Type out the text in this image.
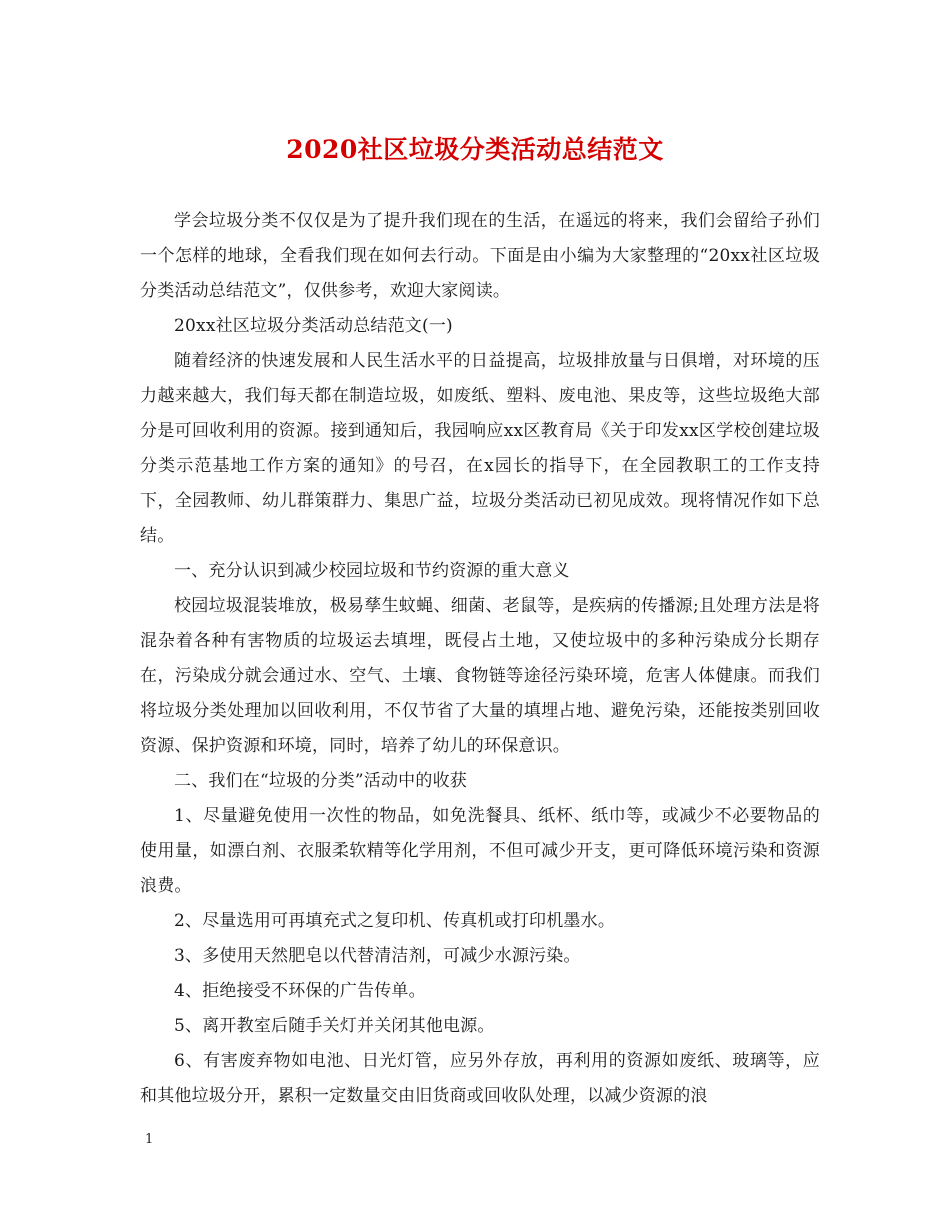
2020社区垃圾分类活动总结范文

学会垃圾分类不仅仅是为了提升我们现在的生活，在遥远的将来，我们会留给子孙们一个怎样的地球，全看我们现在如何去行动。下面是由小编为大家整理的“20xx社区垃圾分类活动总结范文”，仅供参考，欢迎大家阅读。

20xx社区垃圾分类活动总结范文(一)

随着经济的快速发展和人民生活水平的日益提高，垃圾排放量与日俱增，对环境的压力越来越大，我们每天都在制造垃圾，如废纸、塑料、废电池、果皮等，这些垃圾绝大部分是可回收利用的资源。接到通知后，我园响应xx区教育局《关于印发xx区学校创建垃圾分类示范基地工作方案的通知》的号召，在x园长的指导下，在全园教职工的工作支持下，全园教师、幼儿群策群力、集思广益，垃圾分类活动已初见成效。现将情况作如下总结。

一、充分认识到减少校园垃圾和节约资源的重大意义

校园垃圾混装堆放，极易孳生蚊蝇、细菌、老鼠等，是疾病的传播源;且处理方法是将混杂着各种有害物质的垃圾运去填埋，既侵占土地，又使垃圾中的多种污染成分长期存在，污染成分就会通过水、空气、土壤、食物链等途径污染环境，危害人体健康。而我们将垃圾分类处理加以回收利用，不仅节省了大量的填埋占地、避免污染，还能按类别回收资源、保护资源和环境，同时，培养了幼儿的环保意识。

二、我们在“垃圾的分类”活动中的收获

1、尽量避免使用一次性的物品，如免洗餐具、纸杯、纸巾等，或减少不必要物品的使用量，如漂白剂、衣服柔软精等化学用剂，不但可减少开支，更可降低环境污染和资源浪费。

2、尽量选用可再填充式之复印机、传真机或打印机墨水。

3、多使用天然肥皂以代替清洁剂，可减少水源污染。

4、拒绝接受不环保的广告传单。

5、离开教室后随手关灯并关闭其他电源。

6、有害废弃物如电池、日光灯管，应另外存放，再利用的资源如废纸、玻璃等，应和其他垃圾分开，累积一定数量交由旧货商或回收队处理，以减少资源的浪

1
